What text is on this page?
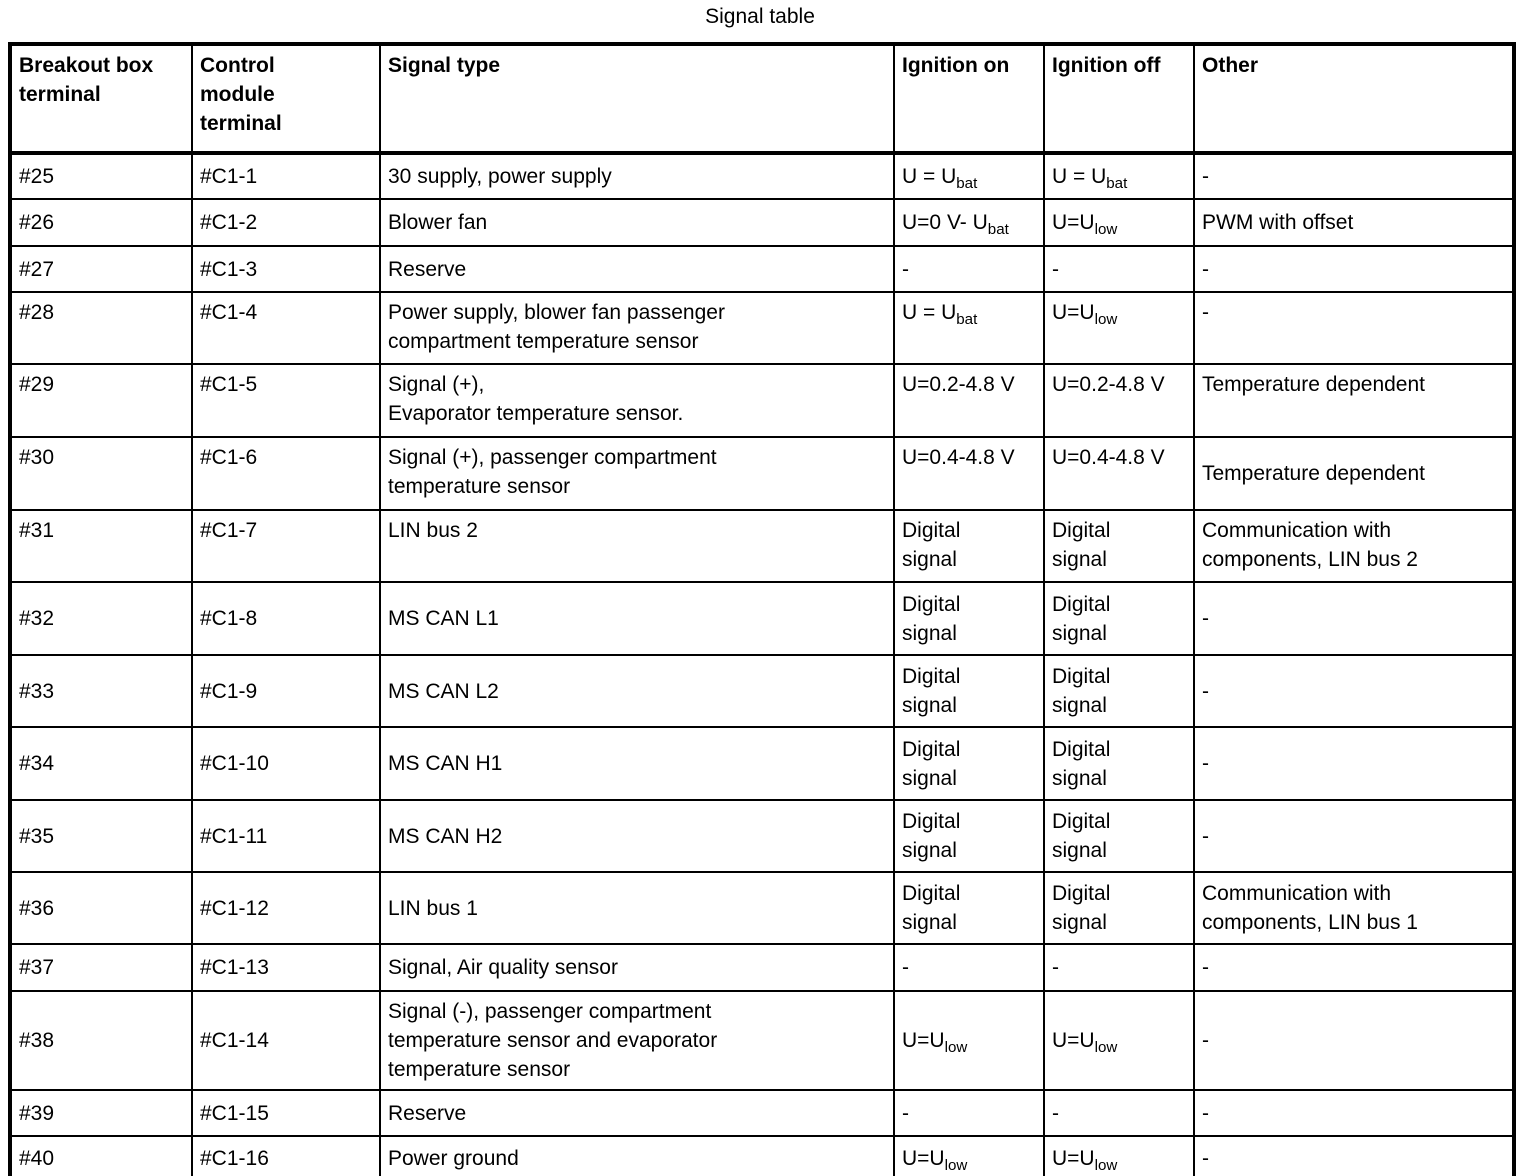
Signal table
Breakout box
terminal	Control
module
terminal	Signal type	Ignition on	Ignition off	Other
#25	#C1-1	30 supply, power supply	$U = U_{bat}$	$U = U_{bat}$	-
#26	#C1-2	Blower fan	U=0 V- $U_{bat}$	$U=U_{low}$	PWM with offset
#27	#C1-3	Reserve	-	-	-
#28	#C1-4	Power supply, blower fan passenger
compartment temperature sensor	$U = U_{bat}$	$U=U_{low}$	-
#29	#C1-5	Signal (+),
Evaporator temperature sensor.	U=0.2-4.8 V	U=0.2-4.8 V	Temperature dependent
#30	#C1-6	Signal (+), passenger compartment
temperature sensor	U=0.4-4.8 V	U=0.4-4.8 V	Temperature dependent
#31	#C1-7	LIN bus 2	Digital
signal	Digital
signal	Communication with
components, LIN bus 2
#32	#C1-8	MS CAN L1	Digital
signal	Digital
signal	-
#33	#C1-9	MS CAN L2	Digital
signal	Digital
signal	-
#34	#C1-10	MS CAN H1	Digital
signal	Digital
signal	-
#35	#C1-11	MS CAN H2	Digital
signal	Digital
signal	-
#36	#C1-12	LIN bus 1	Digital
signal	Digital
signal	Communication with
components, LIN bus 1
#37	#C1-13	Signal, Air quality sensor	-	-	-
#38	#C1-14	Signal (-), passenger compartment
temperature sensor and evaporator
temperature sensor	$U=U_{low}$	$U=U_{low}$	-
#39	#C1-15	Reserve	-	-	-
#40	#C1-16	Power ground	$U=U_{low}$	$U=U_{low}$	-
